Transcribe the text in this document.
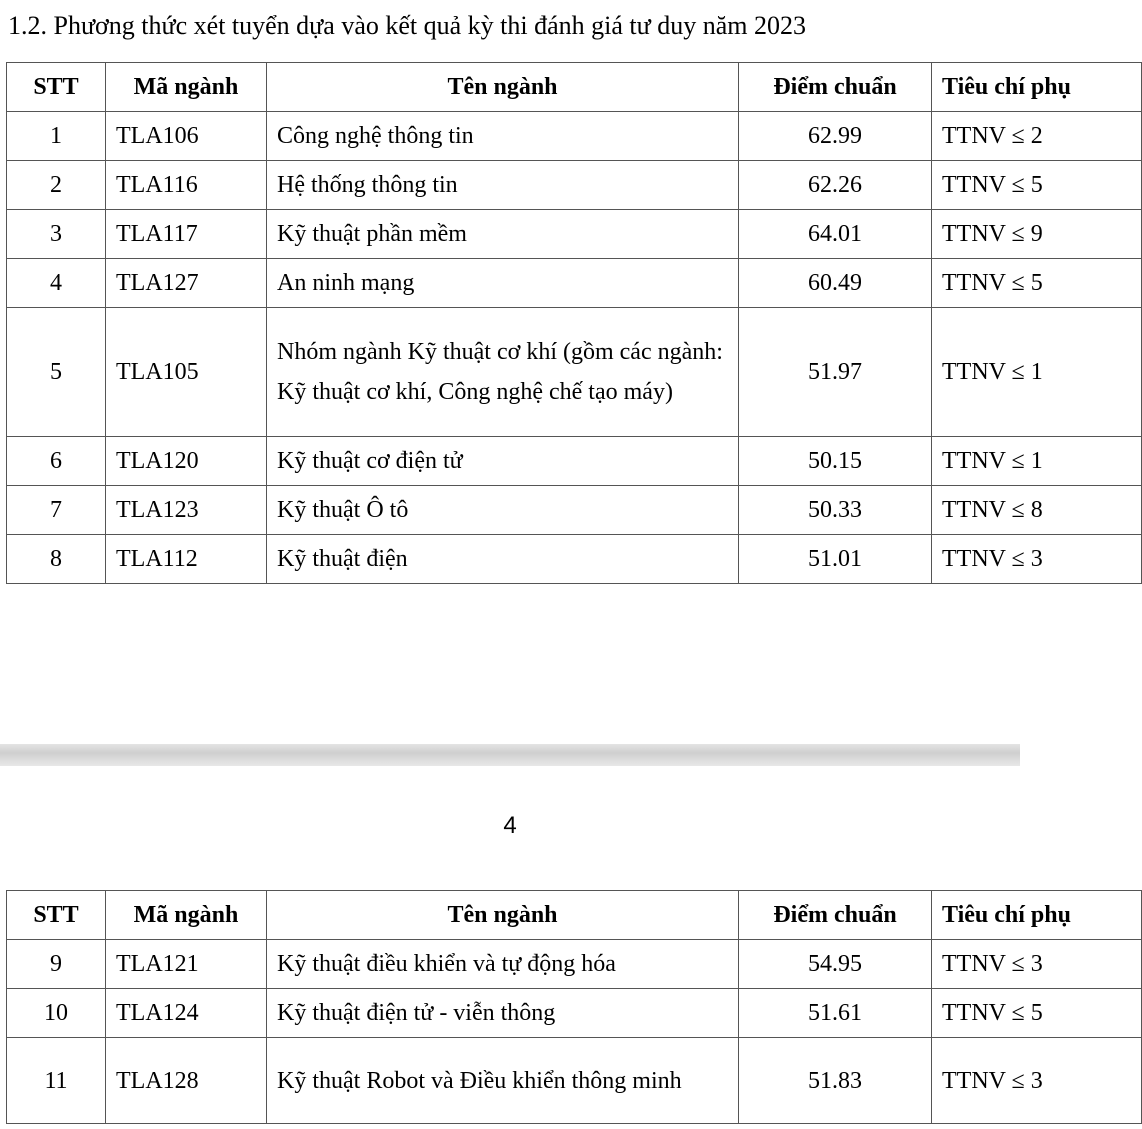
1.2. Phương thức xét tuyển dựa vào kết quả kỳ thi đánh giá tư duy năm 2023
STT	Mã ngành	Tên ngành	Điểm chuẩn	Tiêu chí phụ
1	TLA106	Công nghệ thông tin	62.99	TTNV ≤ 2
2	TLA116	Hệ thống thông tin	62.26	TTNV ≤ 5
3	TLA117	Kỹ thuật phần mềm	64.01	TTNV ≤ 9
4	TLA127	An ninh mạng	60.49	TTNV ≤ 5
5	TLA105	Nhóm ngành Kỹ thuật cơ khí (gồm các ngành: Kỹ thuật cơ khí, Công nghệ chế tạo máy)	51.97	TTNV ≤ 1
6	TLA120	Kỹ thuật cơ điện tử	50.15	TTNV ≤ 1
7	TLA123	Kỹ thuật Ô tô	50.33	TTNV ≤ 8
8	TLA112	Kỹ thuật điện	51.01	TTNV ≤ 3
4
STT	Mã ngành	Tên ngành	Điểm chuẩn	Tiêu chí phụ
9	TLA121	Kỹ thuật điều khiển và tự động hóa	54.95	TTNV ≤ 3
10	TLA124	Kỹ thuật điện tử - viễn thông	51.61	TTNV ≤ 5
11	TLA128	Kỹ thuật Robot và Điều khiển thông minh	51.83	TTNV ≤ 3
